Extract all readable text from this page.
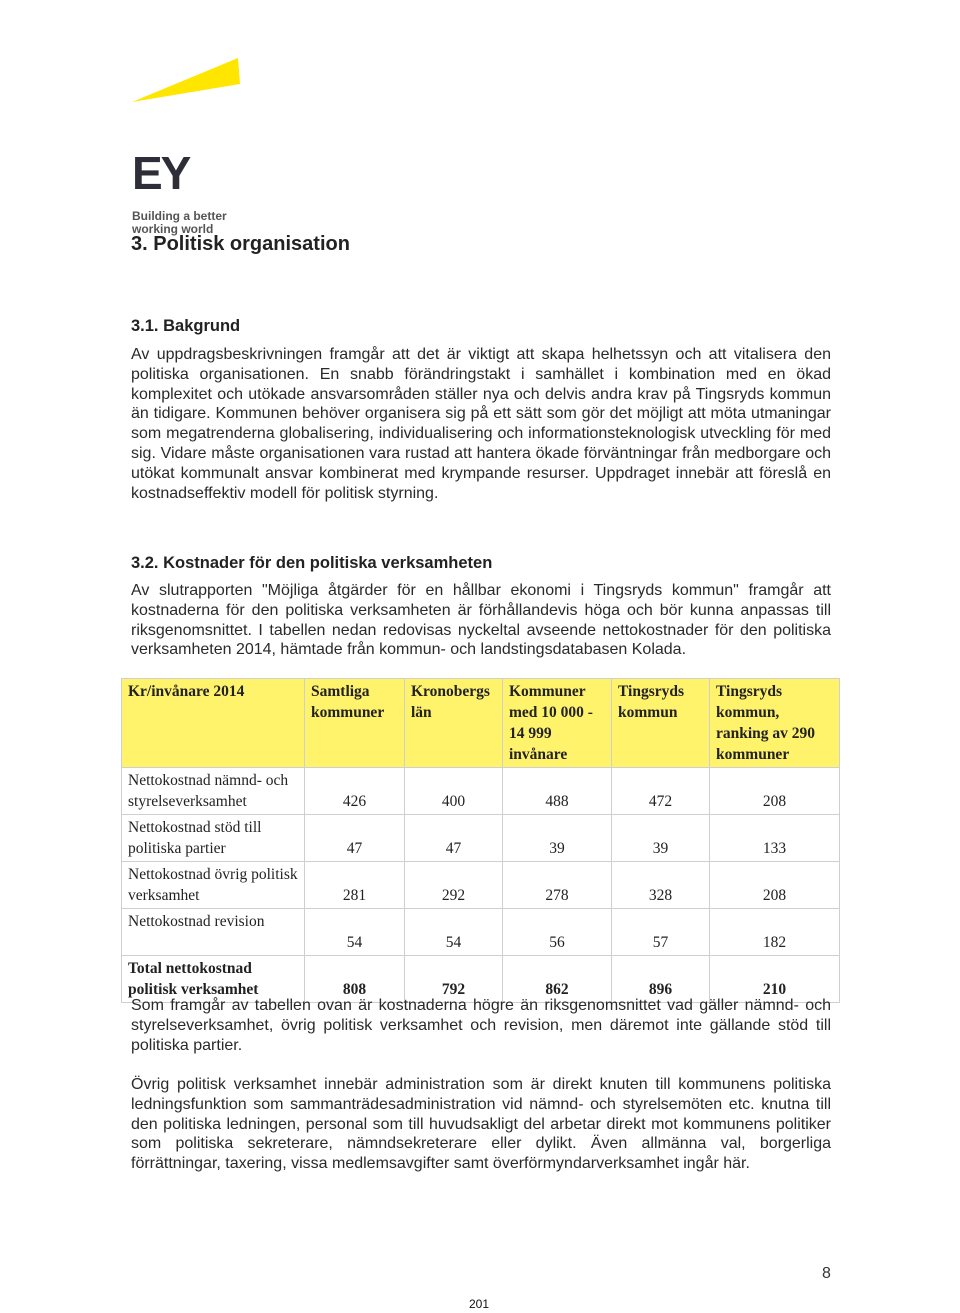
EY
Building a better
working world
3. Politisk organisation
3.1. Bakgrund

Av uppdragsbeskrivningen framgår att det är viktigt att skapa helhetssyn och att vitalisera den politiska organisationen. En snabb förändringstakt i samhället i kombination med en ökad komplexitet och utökade ansvarsområden ställer nya och delvis andra krav på Tingsryds kommun än tidigare. Kommunen behöver organisera sig på ett sätt som gör det möjligt att möta utmaningar som megatrenderna globalisering, individualisering och informationsteknologisk utveckling för med sig. Vidare måste organisationen vara rustad att hantera ökade förväntningar från medborgare och utökat kommunalt ansvar kombinerat med krympande resurser. Uppdraget innebär att föreslå en kostnadseffektiv modell för politisk styrning.

3.2. Kostnader för den politiska verksamheten

Av slutrapporten "Möjliga åtgärder för en hållbar ekonomi i Tingsryds kommun" framgår att kostnaderna för den politiska verksamheten är förhållandevis höga och bör kunna anpassas till riksgenomsnittet. I tabellen nedan redovisas nyckeltal avseende nettokostnader för den politiska verksamheten 2014, hämtade från kommun- och landstingsdatabasen Kolada.

Kr/invånare 2014	Samtliga kommuner	Kronobergs län	Kommuner med 10 000 - 14 999 invånare	Tingsryds kommun	Tingsryds kommun, ranking av 290 kommuner
Nettokostnad nämnd- och styrelseverksamhet	426	400	488	472	208
Nettokostnad stöd till politiska partier	47	47	39	39	133
Nettokostnad övrig politisk verksamhet	281	292	278	328	208
Nettokostnad revision	54	54	56	57	182
Total nettokostnad politisk verksamhet	808	792	862	896	210

Som framgår av tabellen ovan är kostnaderna högre än riksgenomsnittet vad gäller nämnd- och styrelseverksamhet, övrig politisk verksamhet och revision, men däremot inte gällande stöd till politiska partier.

Övrig politisk verksamhet innebär administration som är direkt knuten till kommunens politiska ledningsfunktion som sammanträdesadministration vid nämnd- och styrelsemöten etc. knutna till den politiska ledningen, personal som till huvudsakligt del arbetar direkt mot kommunens politiker som politiska sekreterare, nämndsekreterare eller dylikt. Även allmänna val, borgerliga förrättningar, taxering, vissa medlemsavgifter samt överförmyndarverksamhet ingår här.

8
201
